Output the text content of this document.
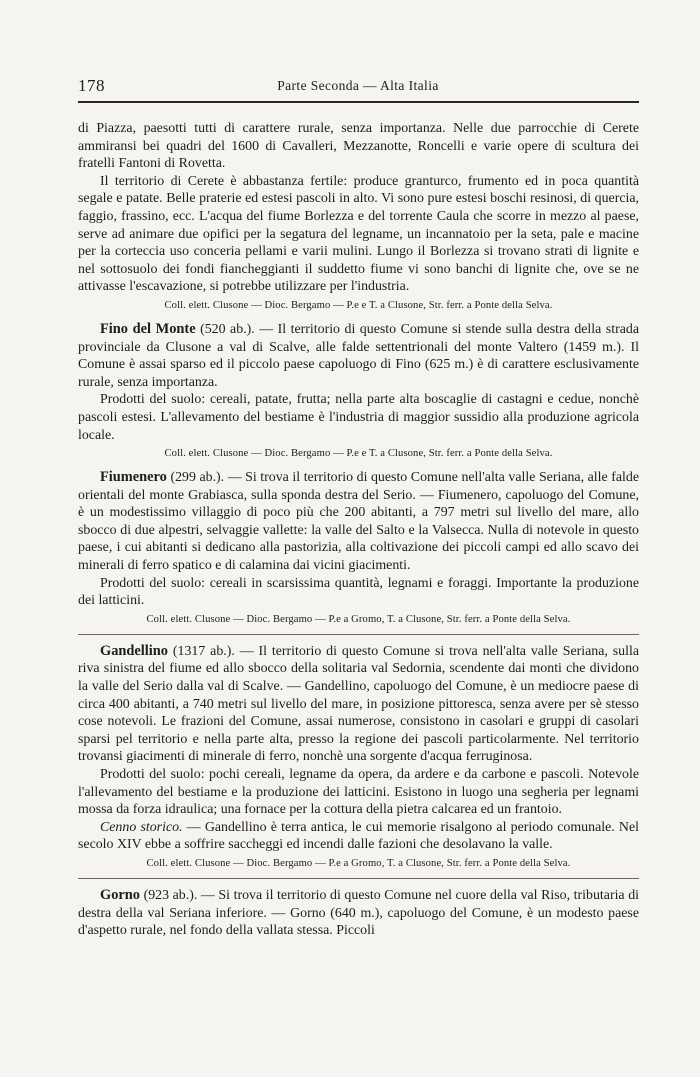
178	Parte Seconda — Alta Italia

di Piazza, paesotti tutti di carattere rurale, senza importanza. Nelle due parrocchie di Cerete ammiransi bei quadri del 1600 di Cavalleri, Mezzanotte, Roncelli e varie opere di scultura dei fratelli Fantoni di Rovetta.

Il territorio di Cerete è abbastanza fertile: produce granturco, frumento ed in poca quantità segale e patate. Belle praterie ed estesi pascoli in alto. Vi sono pure estesi boschi resinosi, di quercia, faggio, frassino, ecc. L'acqua del fiume Borlezza e del torrente Caula che scorre in mezzo al paese, serve ad animare due opifici per la segatura del legname, un incannatoio per la seta, pale e macine per la corteccia uso conceria pellami e varii mulini. Lungo il Borlezza si trovano strati di lignite e nel sottosuolo dei fondi fiancheggianti il suddetto fiume vi sono banchi di lignite che, ove se ne attivasse l'escavazione, si potrebbe utilizzare per l'industria.

Coll. elett. Clusone — Dioc. Bergamo — P.e e T. a Clusone, Str. ferr. a Ponte della Selva.

Fino del Monte (520 ab.). — Il territorio di questo Comune si stende sulla destra della strada provinciale da Clusone a val di Scalve, alle falde settentrionali del monte Valtero (1459 m.). Il Comune è assai sparso ed il piccolo paese capoluogo di Fino (625 m.) è di carattere esclusivamente rurale, senza importanza.

Prodotti del suolo: cereali, patate, frutta; nella parte alta boscaglie di castagni e cedue, nonchè pascoli estesi. L'allevamento del bestiame è l'industria di maggior sussidio alla produzione agricola locale.

Coll. elett. Clusone — Dioc. Bergamo — P.e e T. a Clusone, Str. ferr. a Ponte della Selva.

Fiumenero (299 ab.). — Si trova il territorio di questo Comune nell'alta valle Seriana, alle falde orientali del monte Grabiasca, sulla sponda destra del Serio. — Fiumenero, capoluogo del Comune, è un modestissimo villaggio di poco più che 200 abitanti, a 797 metri sul livello del mare, allo sbocco di due alpestri, selvaggie vallette: la valle del Salto e la Valsecca. Nulla di notevole in questo paese, i cui abitanti si dedicano alla pastorizia, alla coltivazione dei piccoli campi ed allo scavo dei minerali di ferro spatico e di calamina dai vicini giacimenti.

Prodotti del suolo: cereali in scarsissima quantità, legnami e foraggi. Importante la produzione dei latticini.

Coll. elett. Clusone — Dioc. Bergamo — P.e a Gromo, T. a Clusone, Str. ferr. a Ponte della Selva.

Gandellino (1317 ab.). — Il territorio di questo Comune si trova nell'alta valle Seriana, sulla riva sinistra del fiume ed allo sbocco della solitaria val Sedornia, scendente dai monti che dividono la valle del Serio dalla val di Scalve. — Gandellino, capoluogo del Comune, è un mediocre paese di circa 400 abitanti, a 740 metri sul livello del mare, in posizione pittoresca, senza avere per sè stesso cose notevoli. Le frazioni del Comune, assai numerose, consistono in casolari e gruppi di casolari sparsi pel territorio e nella parte alta, presso la regione dei pascoli particolarmente. Nel territorio trovansi giacimenti di minerale di ferro, nonchè una sorgente d'acqua ferruginosa.

Prodotti del suolo: pochi cereali, legname da opera, da ardere e da carbone e pascoli. Notevole l'allevamento del bestiame e la produzione dei latticini. Esistono in luogo una segheria per legnami mossa da forza idraulica; una fornace per la cottura della pietra calcarea ed un frantoio.

Cenno storico. — Gandellino è terra antica, le cui memorie risalgono al periodo comunale. Nel secolo XIV ebbe a soffrire saccheggi ed incendi dalle fazioni che desolavano la valle.

Coll. elett. Clusone — Dioc. Bergamo — P.e a Gromo, T. a Clusone, Str. ferr. a Ponte della Selva.

Gorno (923 ab.). — Si trova il territorio di questo Comune nel cuore della val Riso, tributaria di destra della val Seriana inferiore. — Gorno (640 m.), capoluogo del Comune, è un modesto paese d'aspetto rurale, nel fondo della vallata stessa. Piccoli
